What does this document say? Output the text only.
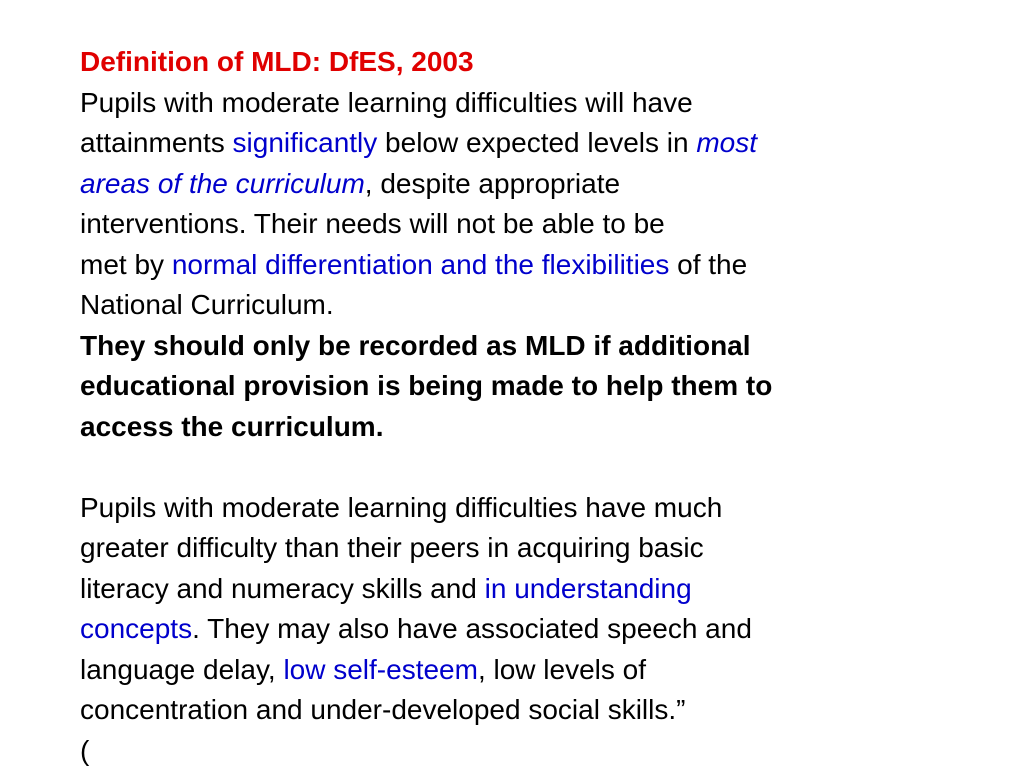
Definition of MLD: DfES, 2003
Pupils with moderate learning difficulties will have
attainments significantly below expected levels in most
areas of the curriculum, despite appropriate
interventions. Their needs will not be able to be
met by normal differentiation and the flexibilities of the
National Curriculum.
They should only be recorded as MLD if additional
educational provision is being made to help them to
access the curriculum.
Pupils with moderate learning difficulties have much
greater difficulty than their peers in acquiring basic
literacy and numeracy skills and in understanding
concepts. They may also have associated speech and
language delay, low self-esteem, low levels of
concentration and under-developed social skills.”
(
